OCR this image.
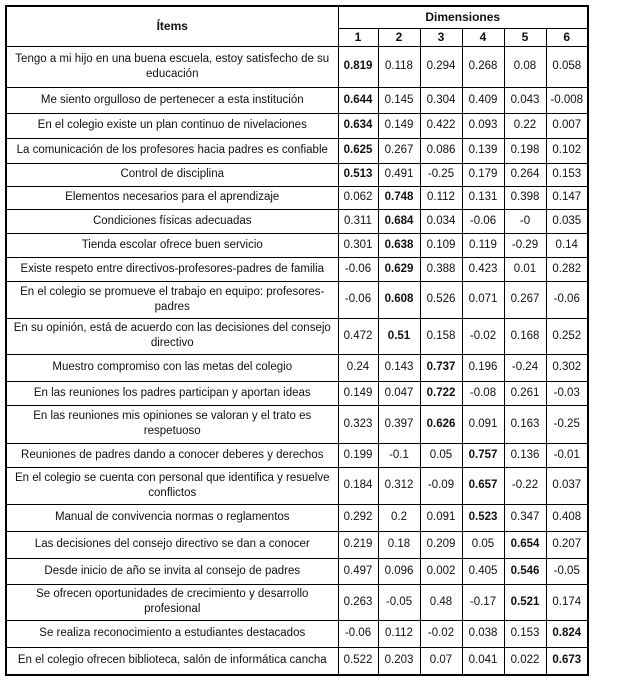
Ítems	Dimensiones					
	1	2	3	4	5	6
Tengo a mi hijo en una buena escuela, estoy satisfecho de su educación	0.819	0.118	0.294	0.268	0.08	0.058
Me siento orgulloso de pertenecer a esta institución	0.644	0.145	0.304	0.409	0.043	-0.008
En el colegio existe un plan continuo de nivelaciones	0.634	0.149	0.422	0.093	0.22	0.007
La comunicación de los profesores hacia padres es confiable	0.625	0.267	0.086	0.139	0.198	0.102
Control de disciplina	0.513	0.491	-0.25	0.179	0.264	0.153
Elementos necesarios para el aprendizaje	0.062	0.748	0.112	0.131	0.398	0.147
Condiciones físicas adecuadas	0.311	0.684	0.034	-0.06	-0	0.035
Tienda escolar ofrece buen servicio	0.301	0.638	0.109	0.119	-0.29	0.14
Existe respeto entre directivos-profesores-padres de familia	-0.06	0.629	0.388	0.423	0.01	0.282
En el colegio se promueve el trabajo en equipo: profesores-padres	-0.06	0.608	0.526	0.071	0.267	-0.06
En su opinión, está de acuerdo con las decisiones del consejo directivo	0.472	0.51	0.158	-0.02	0.168	0.252
Muestro compromiso con las metas del colegio	0.24	0.143	0.737	0.196	-0.24	0.302
En las reuniones los padres participan y aportan ideas	0.149	0.047	0.722	-0.08	0.261	-0.03
En las reuniones mis opiniones se valoran y el trato es respetuoso	0.323	0.397	0.626	0.091	0.163	-0.25
Reuniones de padres dando a conocer deberes y derechos	0.199	-0.1	0.05	0.757	0.136	-0.01
En el colegio se cuenta con personal que identifica y resuelve conflictos	0.184	0.312	-0.09	0.657	-0.22	0.037
Manual de convivencia normas o reglamentos	0.292	0.2	0.091	0.523	0.347	0.408
Las decisiones del consejo directivo se dan a conocer	0.219	0.18	0.209	0.05	0.654	0.207
Desde inicio de año se invita al consejo de padres	0.497	0.096	0.002	0.405	0.546	-0.05
Se ofrecen oportunidades de crecimiento y desarrollo profesional	0.263	-0.05	0.48	-0.17	0.521	0.174
Se realiza reconocimiento a estudiantes destacados	-0.06	0.112	-0.02	0.038	0.153	0.824
En el colegio ofrecen biblioteca, salón de informática cancha	0.522	0.203	0.07	0.041	0.022	0.673
